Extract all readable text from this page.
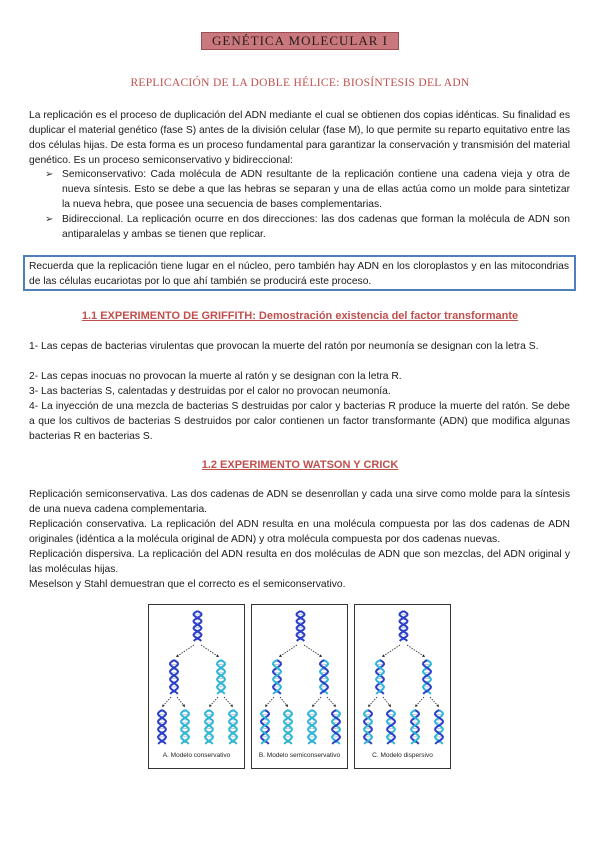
GENÉTICA MOLECULAR I
REPLICACIÓN DE LA DOBLE HÉLICE: BIOSÍNTESIS DEL ADN

La replicación es el proceso de duplicación del ADN mediante el cual se obtienen dos copias idénticas. Su finalidad es duplicar el material genético (fase S) antes de la división celular (fase M), lo que permite su reparto equitativo entre las dos células hijas. De esta forma es un proceso fundamental para garantizar la conservación y transmisión del material genético. Es un proceso semiconservativo y bidireccional:

➢ Semiconservativo: Cada molécula de ADN resultante de la replicación contiene una cadena vieja y otra de nueva síntesis. Esto se debe a que las hebras se separan y una de ellas actúa como un molde para sintetizar la nueva hebra, que posee una secuencia de bases complementarias.
➢ Bidireccional. La replicación ocurre en dos direcciones: las dos cadenas que forman la molécula de ADN son antiparalelas y ambas se tienen que replicar.
Recuerda que la replicación tiene lugar en el núcleo, pero también hay ADN en los cloroplastos y en las mitocondrias de las células eucariotas por lo que ahí también se producirá este proceso.
1.1 EXPERIMENTO DE GRIFFITH: Demostración existencia del factor transformante

1- Las cepas de bacterias virulentas que provocan la muerte del ratón por neumonía se designan con la letra S.

2- Las cepas inocuas no provocan la muerte al ratón y se designan con la letra R.

3- Las bacterias S, calentadas y destruidas por el calor no provocan neumonía.

4- La inyección de una mezcla de bacterias S destruidas por calor y bacterias R produce la muerte del ratón. Se debe a que los cultivos de bacterias S destruidos por calor contienen un factor transformante (ADN) que modifica algunas bacterias R en bacterias S.

1.2 EXPERIMENTO WATSON Y CRICK

Replicación semiconservativa. Las dos cadenas de ADN se desenrollan y cada una sirve como molde para la síntesis de una nueva cadena complementaria.

Replicación conservativa. La replicación del ADN resulta en una molécula compuesta por las dos cadenas de ADN originales (idéntica a la molécula original de ADN) y otra molécula compuesta por dos cadenas nuevas.

Replicación dispersiva. La replicación del ADN resulta en dos moléculas de ADN que son mezclas, del ADN original y las moléculas hijas.

Meselson y Stahl demuestran que el correcto es el semiconservativo.

A. Modelo conservativo	B. Modelo semiconservativo	C. Modelo dispersivo
